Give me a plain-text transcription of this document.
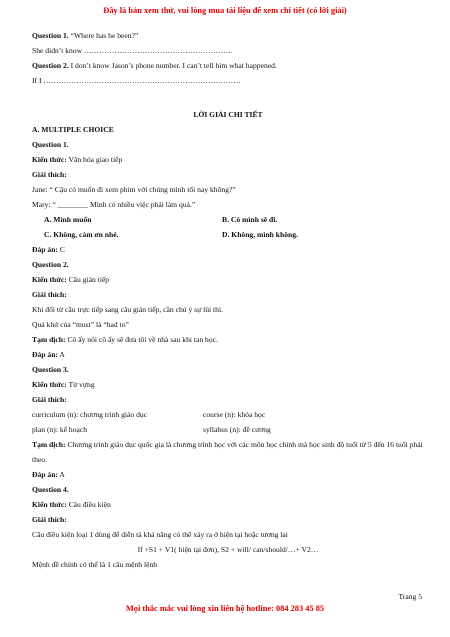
Đây là bản xem thử, vui lòng mua tài liệu để xem chi tiết (có lời giải)
Question 1. “Where has he been?”
She didn’t know …………………………………………………..
Question 2. I don’t know Jason’s phone number. I can’t tell him what happened.
If I ……………………………………………………………………
LỜI GIẢI CHI TIẾT
A. MULTIPLE CHOICE
Question 1.
Kiến thức: Văn hóa giao tiếp
Giải thích:
Jane: “ Cậu có muốn đi xem phim với chúng mình tối nay không?”
Mary: “ ________ Mình có nhiều việc phải làm quá.”
A. Mình muốn	B. Có mình sẽ đi.
C. Không, cảm ơn nhé.	D. Không, mình không.
Đáp án: C
Question 2.
Kiến thức: Câu gián tiếp
Giải thích:
Khi đổi từ câu trực tiếp sang câu gián tiếp, cần chú ý sự lùi thì.
Quá khứ của “must” là “had to”
Tạm dịch: Cô ấy nói cô ấy sẽ đưa tôi về nhà sau khi tan học.
Đáp án: A
Question 3.
Kiến thức: Từ vựng
Giải thích:
curriculum (n): chương trình giáo dục	course (n): khóa học
plan (n): kế hoạch	syllabus (n): đề cương
Tạm dịch: Chương trình giáo dục quốc gia là chương trình học với các môn học chính mà học sinh độ tuổi từ 5 đến 16 tuổi phải theo.
Đáp án: A
Question 4.
Kiến thức: Câu điều kiện
Giải thích:
Câu điều kiện loại 1 dùng để diễn tả khả năng có thể xảy ra ở hiện tại hoặc tương lai
If +S1 + V1( hiện tại đơn), S2 + will/ can/should/…+ V2…
Mệnh đề chính có thể là 1 câu mệnh lệnh
Trang 5
Mọi thắc mắc vui lòng xin liên hệ hotline: 084 283 45 85
